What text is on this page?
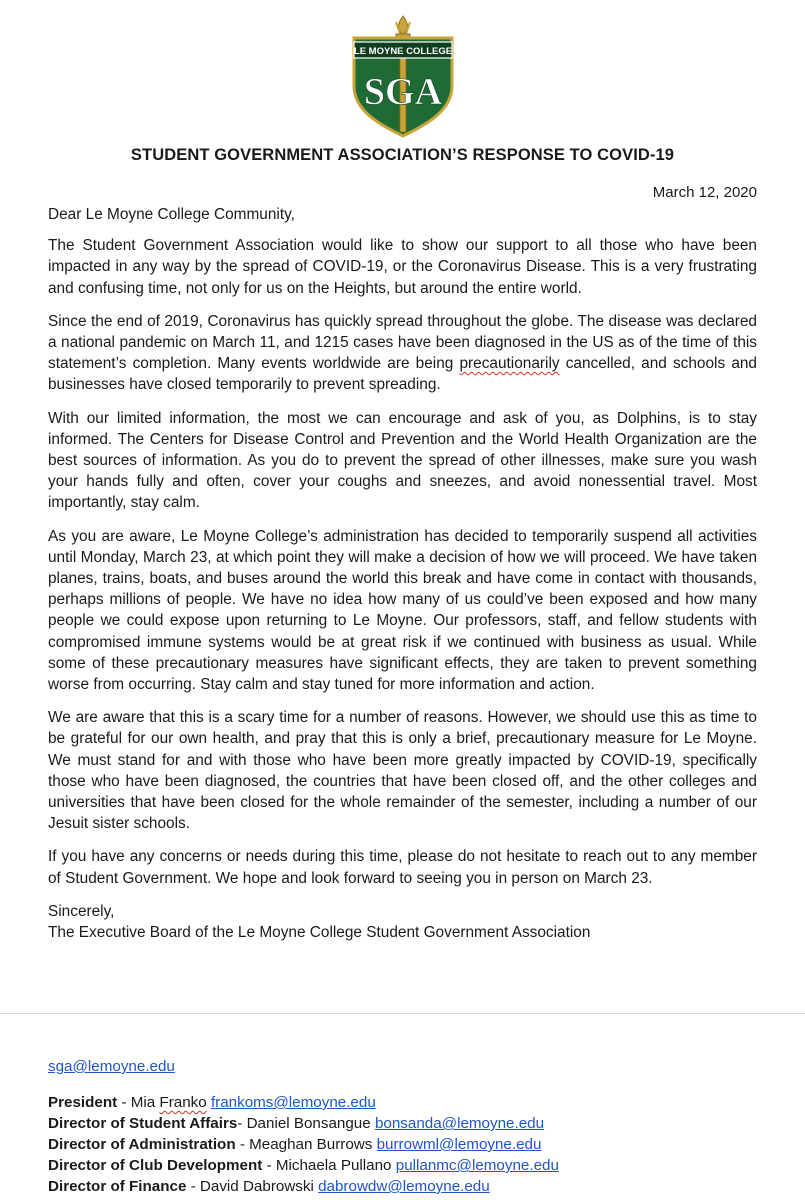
LE MOYNE COLLEGE
SGA
STUDENT GOVERNMENT ASSOCIATION’S RESPONSE TO COVID-19
March 12, 2020

Dear Le Moyne College Community,

The Student Government Association would like to show our support to all those who have been impacted in any way by the spread of COVID-19, or the Coronavirus Disease. This is a very frustrating and confusing time, not only for us on the Heights, but around the entire world.

Since the end of 2019, Coronavirus has quickly spread throughout the globe. The disease was declared a national pandemic on March 11, and 1215 cases have been diagnosed in the US as of the time of this statement’s completion. Many events worldwide are being precautionarily cancelled, and schools and businesses have closed temporarily to prevent spreading.

With our limited information, the most we can encourage and ask of you, as Dolphins, is to stay informed. The Centers for Disease Control and Prevention and the World Health Organization are the best sources of information. As you do to prevent the spread of other illnesses, make sure you wash your hands fully and often, cover your coughs and sneezes, and avoid nonessential travel. Most importantly, stay calm.

As you are aware, Le Moyne College’s administration has decided to temporarily suspend all activities until Monday, March 23, at which point they will make a decision of how we will proceed. We have taken planes, trains, boats, and buses around the world this break and have come in contact with thousands, perhaps millions of people. We have no idea how many of us could’ve been exposed and how many people we could expose upon returning to Le Moyne. Our professors, staff, and fellow students with compromised immune systems would be at great risk if we continued with business as usual. While some of these precautionary measures have significant effects, they are taken to prevent something worse from occurring. Stay calm and stay tuned for more information and action.

We are aware that this is a scary time for a number of reasons. However, we should use this as time to be grateful for our own health, and pray that this is only a brief, precautionary measure for Le Moyne. We must stand for and with those who have been more greatly impacted by COVID-19, specifically those who have been diagnosed, the countries that have been closed off, and the other colleges and universities that have been closed for the whole remainder of the semester, including a number of our Jesuit sister schools.

If you have any concerns or needs during this time, please do not hesitate to reach out to any member of Student Government. We hope and look forward to seeing you in person on March 23.

Sincerely,
The Executive Board of the Le Moyne College Student Government Association

sga@lemoyne.edu
President - Mia Franko frankoms@lemoyne.edu
Director of Student Affairs- Daniel Bonsangue bonsanda@lemoyne.edu
Director of Administration - Meaghan Burrows burrowml@lemoyne.edu
Director of Club Development - Michaela Pullano pullanmc@lemoyne.edu
Director of Finance - David Dabrowski dabrowdw@lemoyne.edu
